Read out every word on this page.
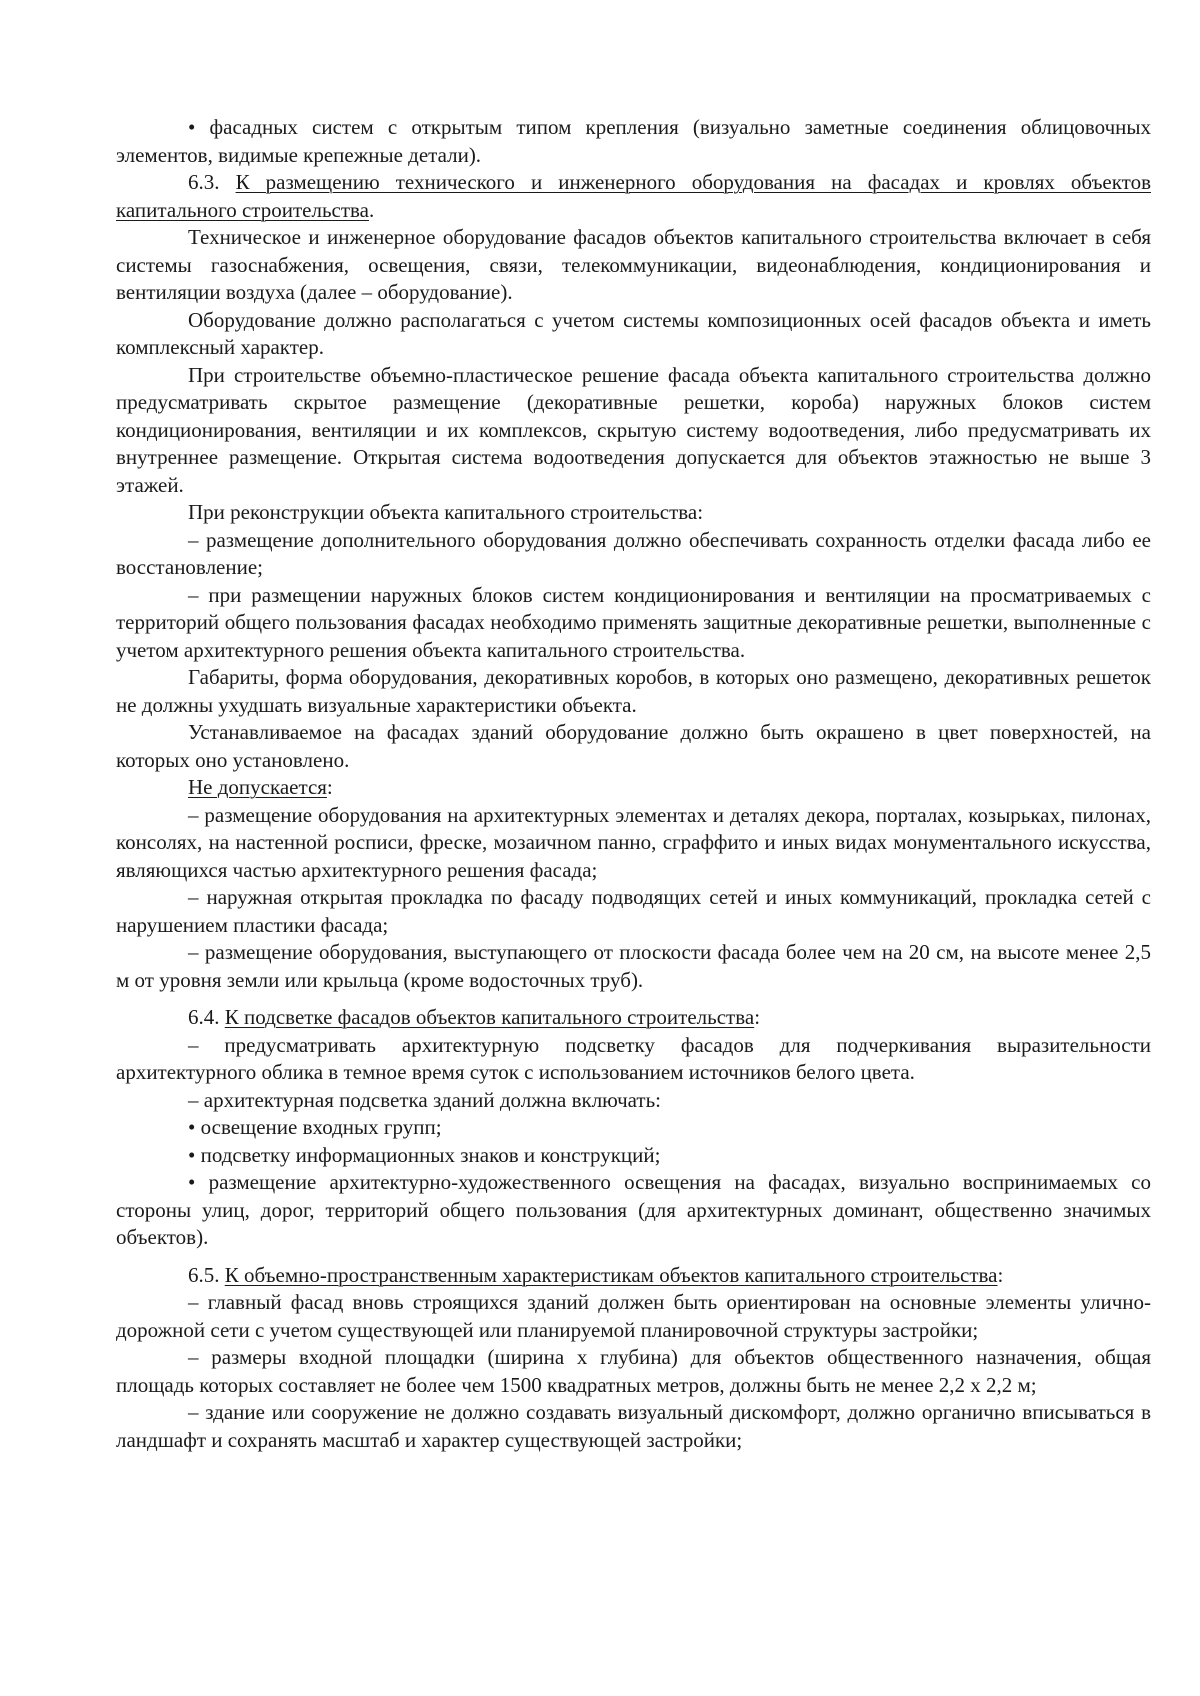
• фасадных систем с открытым типом крепления (визуально заметные соединения облицовочных элементов, видимые крепежные детали).

6.3. К размещению технического и инженерного оборудования на фасадах и кровлях объектов капитального строительства.

Техническое и инженерное оборудование фасадов объектов капитального строительства включает в себя системы газоснабжения, освещения, связи, телекоммуникации, видеонаблюдения, кондиционирования и вентиляции воздуха (далее – оборудование).

Оборудование должно располагаться с учетом системы композиционных осей фасадов объекта и иметь комплексный характер.

При строительстве объемно-пластическое решение фасада объекта капитального строительства должно предусматривать скрытое размещение (декоративные решетки, короба) наружных блоков систем кондиционирования, вентиляции и их комплексов, скрытую систему водоотведения, либо предусматривать их внутреннее размещение. Открытая система водоотведения допускается для объектов этажностью не выше 3 этажей.

При реконструкции объекта капитального строительства:

– размещение дополнительного оборудования должно обеспечивать сохранность отделки фасада либо ее восстановление;

– при размещении наружных блоков систем кондиционирования и вентиляции на просматриваемых с территорий общего пользования фасадах необходимо применять защитные декоративные решетки, выполненные с учетом архитектурного решения объекта капитального строительства.

Габариты, форма оборудования, декоративных коробов, в которых оно размещено, декоративных решеток не должны ухудшать визуальные характеристики объекта.

Устанавливаемое на фасадах зданий оборудование должно быть окрашено в цвет поверхностей, на которых оно установлено.

Не допускается:

– размещение оборудования на архитектурных элементах и деталях декора, порталах, козырьках, пилонах, консолях, на настенной росписи, фреске, мозаичном панно, сграффито и иных видах монументального искусства, являющихся частью архитектурного решения фасада;

– наружная открытая прокладка по фасаду подводящих сетей и иных коммуникаций, прокладка сетей с нарушением пластики фасада;

– размещение оборудования, выступающего от плоскости фасада более чем на 20 см, на высоте менее 2,5 м от уровня земли или крыльца (кроме водосточных труб).

6.4. К подсветке фасадов объектов капитального строительства:

– предусматривать архитектурную подсветку фасадов для подчеркивания выразительности архитектурного облика в темное время суток с использованием источников белого цвета.

– архитектурная подсветка зданий должна включать:

• освещение входных групп;

• подсветку информационных знаков и конструкций;

• размещение архитектурно-художественного освещения на фасадах, визуально воспринимаемых со стороны улиц, дорог, территорий общего пользования (для архитектурных доминант, общественно значимых объектов).

6.5. К объемно-пространственным характеристикам объектов капитального строительства:

– главный фасад вновь строящихся зданий должен быть ориентирован на основные элементы улично-дорожной сети с учетом существующей или планируемой планировочной структуры застройки;

– размеры входной площадки (ширина х глубина) для объектов общественного назначения, общая площадь которых составляет не более чем 1500 квадратных метров, должны быть не менее 2,2 х 2,2 м;

– здание или сооружение не должно создавать визуальный дискомфорт, должно органично вписываться в ландшафт и сохранять масштаб и характер существующей застройки;
